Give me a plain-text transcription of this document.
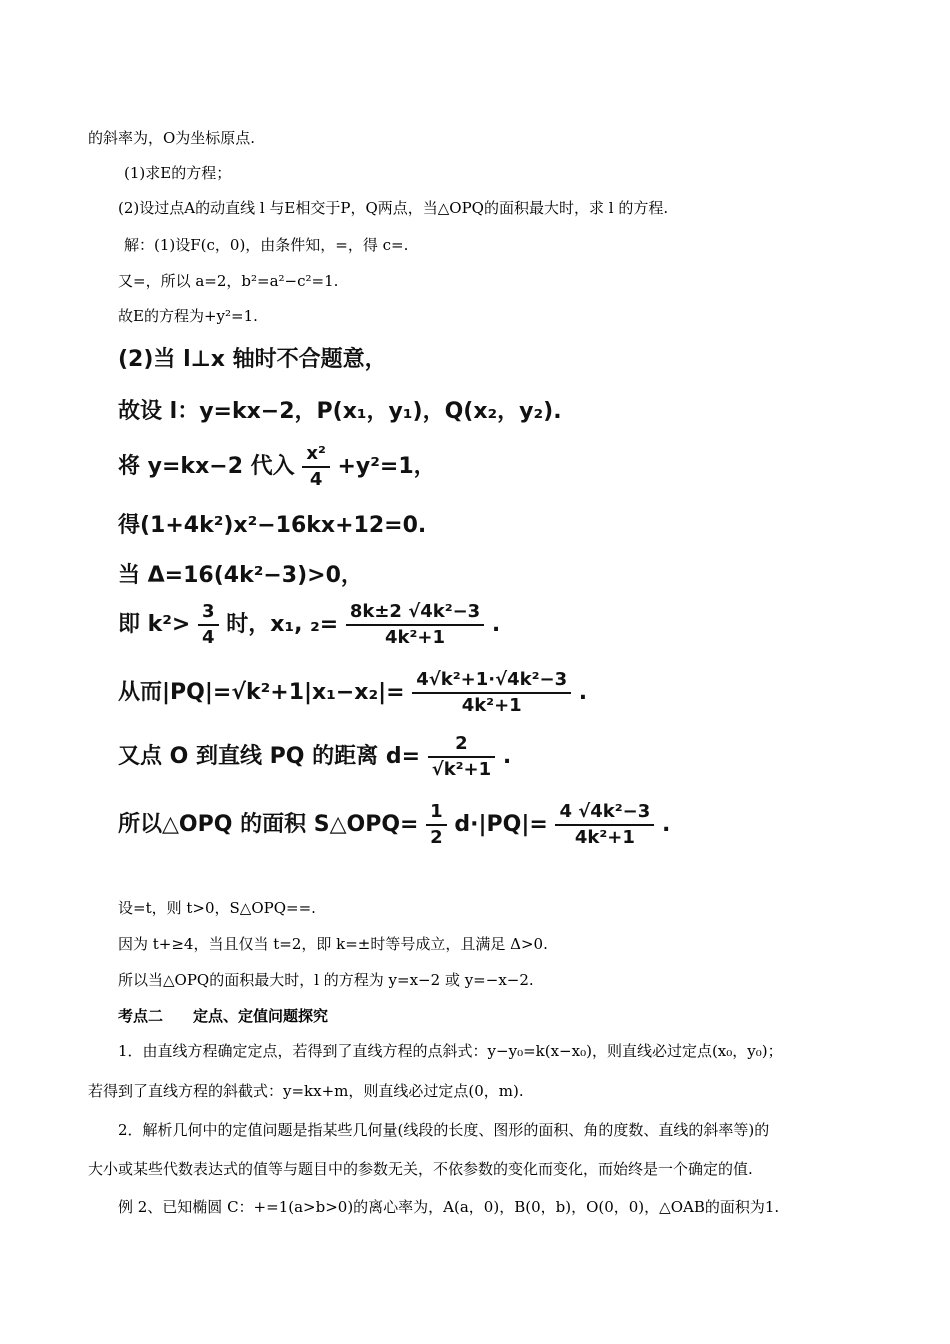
的斜率为，O为坐标原点.
(1)求E的方程；
(2)设过点A的动直线 l 与E相交于P，Q两点，当△OPQ的面积最大时，求 l 的方程.
解：(1)设F(c，0)，由条件知，=，得 c=.
又=，所以 a=2，b²=a²−c²=1.
故E的方程为+y²=1.
(2)当 l⊥x 轴时不合题意，
故设 l：y=kx−2，P(x₁，y₁)，Q(x₂，y₂).
将 y=kx−2 代入 $\frac{\text{x²}}{4} +y^2=1$，
得(1+4k²)x²−16kx+12=0.
当 Δ=16(4k²−3)>0，
即 $k^2> \frac{3}{4}$ 时，x₁, $_2= \frac{\text{8k±2 √4k²−3}}{\text{4k²+1}}$ .
从而$|PQ|=√k^2+1|x_1-x_2|= \frac{\text{4√k²+1·√4k²−3}}{\text{4k²+1}}$ .
又点 O 到直线 PQ 的距离 $d= \frac{2}{\text{√k²+1}}$ .
所以△OPQ 的面积 S△OPQ= $\frac{1}{2} d\cdot|PQ|= \frac{\text{4 √4k²−3}}{\text{4k²+1}}$ .
设=t，则 t>0，S△OPQ==.
因为 t+≥4，当且仅当 t=2，即 k=±时等号成立，且满足 Δ>0.
所以当△OPQ的面积最大时，l 的方程为 y=x−2 或 y=−x−2.
考点二　　定点、定值问题探究
1．由直线方程确定定点，若得到了直线方程的点斜式：y−y₀=k(x−x₀)，则直线必过定点(x₀，y₀)；
若得到了直线方程的斜截式：y=kx+m，则直线必过定点(0，m).
2．解析几何中的定值问题是指某些几何量(线段的长度、图形的面积、角的度数、直线的斜率等)的
大小或某些代数表达式的值等与题目中的参数无关，不依参数的变化而变化，而始终是一个确定的值.
例 2、已知椭圆 C：+=1(a>b>0)的离心率为，A(a，0)，B(0，b)，O(0，0)，△OAB的面积为1.
